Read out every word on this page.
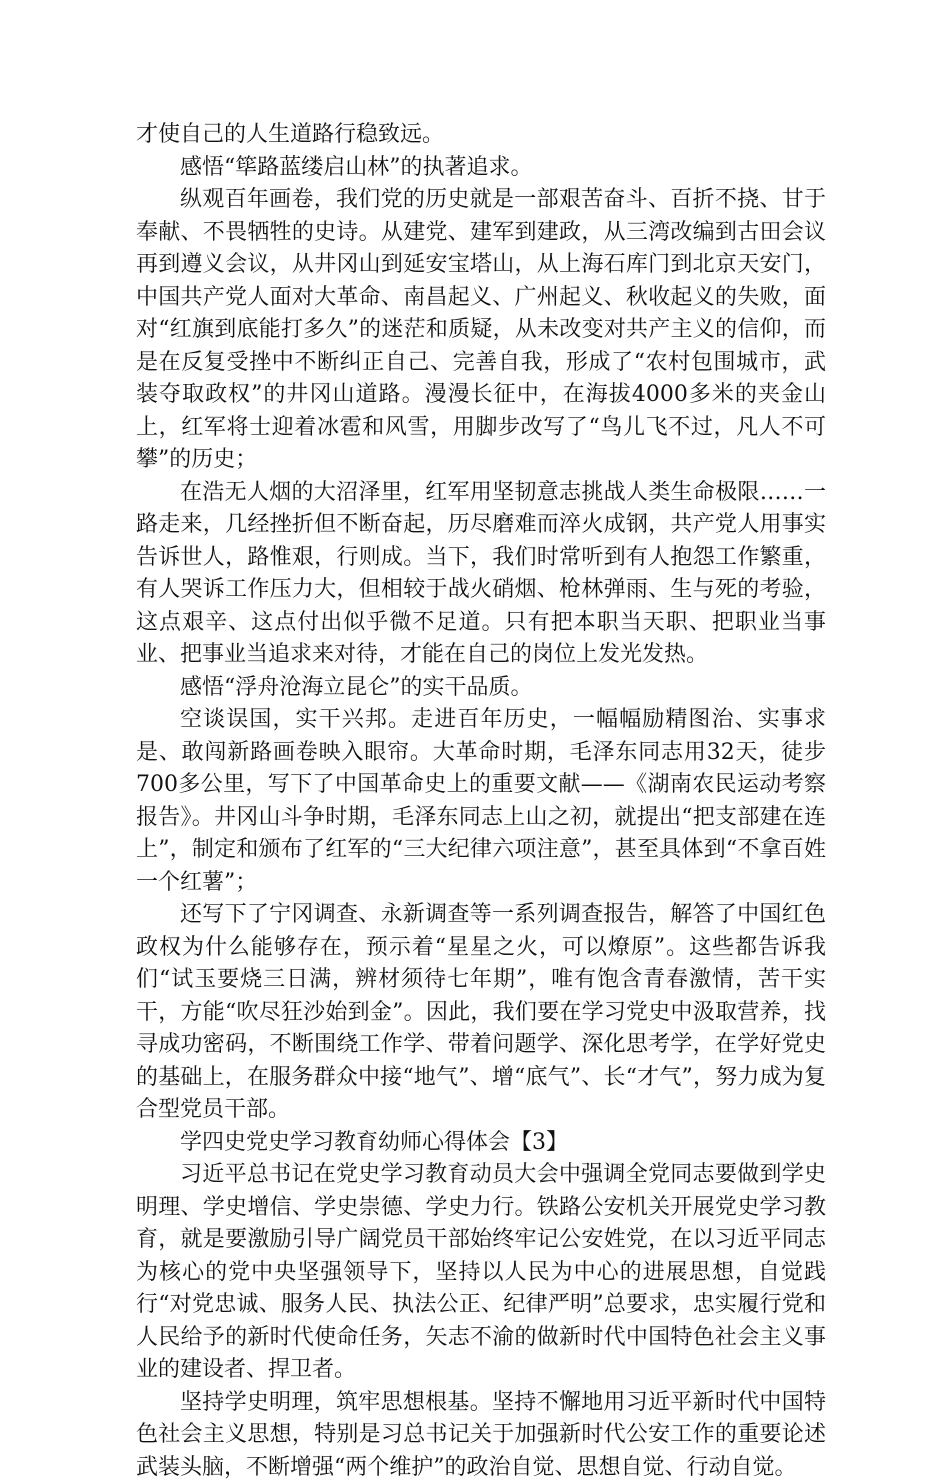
才使自己的人生道路行稳致远。

感悟“筚路蓝缕启山林”的执著追求。

纵观百年画卷，我们党的历史就是一部艰苦奋斗、百折不挠、甘于奉献、不畏牺牲的史诗。从建党、建军到建政，从三湾改编到古田会议再到遵义会议，从井冈山到延安宝塔山，从上海石库门到北京天安门，中国共产党人面对大革命、南昌起义、广州起义、秋收起义的失败，面对“红旗到底能打多久”的迷茫和质疑，从未改变对共产主义的信仰，而是在反复受挫中不断纠正自己、完善自我，形成了“农村包围城市，武装夺取政权”的井冈山道路。漫漫长征中，在海拔4000多米的夹金山上，红军将士迎着冰雹和风雪，用脚步改写了“鸟儿飞不过，凡人不可攀”的历史；

在浩无人烟的大沼泽里，红军用坚韧意志挑战人类生命极限……一路走来，几经挫折但不断奋起，历尽磨难而淬火成钢，共产党人用事实告诉世人，路惟艰，行则成。当下，我们时常听到有人抱怨工作繁重，有人哭诉工作压力大，但相较于战火硝烟、枪林弹雨、生与死的考验，这点艰辛、这点付出似乎微不足道。只有把本职当天职、把职业当事业、把事业当追求来对待，才能在自己的岗位上发光发热。

感悟“浮舟沧海立昆仑”的实干品质。

空谈误国，实干兴邦。走进百年历史，一幅幅励精图治、实事求是、敢闯新路画卷映入眼帘。大革命时期，毛泽东同志用32天，徒步700多公里，写下了中国革命史上的重要文献——《湖南农民运动考察报告》。井冈山斗争时期，毛泽东同志上山之初，就提出“把支部建在连上”，制定和颁布了红军的“三大纪律六项注意”，甚至具体到“不拿百姓一个红薯”；

还写下了宁冈调查、永新调查等一系列调查报告，解答了中国红色政权为什么能够存在，预示着“星星之火，可以燎原”。这些都告诉我们“试玉要烧三日满，辨材须待七年期”，唯有饱含青春激情，苦干实干，方能“吹尽狂沙始到金”。因此，我们要在学习党史中汲取营养，找寻成功密码，不断围绕工作学、带着问题学、深化思考学，在学好党史的基础上，在服务群众中接“地气”、增“底气”、长“才气”，努力成为复合型党员干部。

学四史党史学习教育幼师心得体会【3】

习近平总书记在党史学习教育动员大会中强调全党同志要做到学史明理、学史增信、学史崇德、学史力行。铁路公安机关开展党史学习教育，就是要激励引导广阔党员干部始终牢记公安姓党，在以习近平同志为核心的党中央坚强领导下，坚持以人民为中心的进展思想，自觉践行“对党忠诚、服务人民、执法公正、纪律严明”总要求，忠实履行党和人民给予的新时代使命任务，矢志不渝的做新时代中国特色社会主义事业的建设者、捍卫者。

坚持学史明理，筑牢思想根基。坚持不懈地用习近平新时代中国特色社会主义思想，特别是习总书记关于加强新时代公安工作的重要论述武装头脑，不断增强“两个维护”的政治自觉、思想自觉、行动自觉。
